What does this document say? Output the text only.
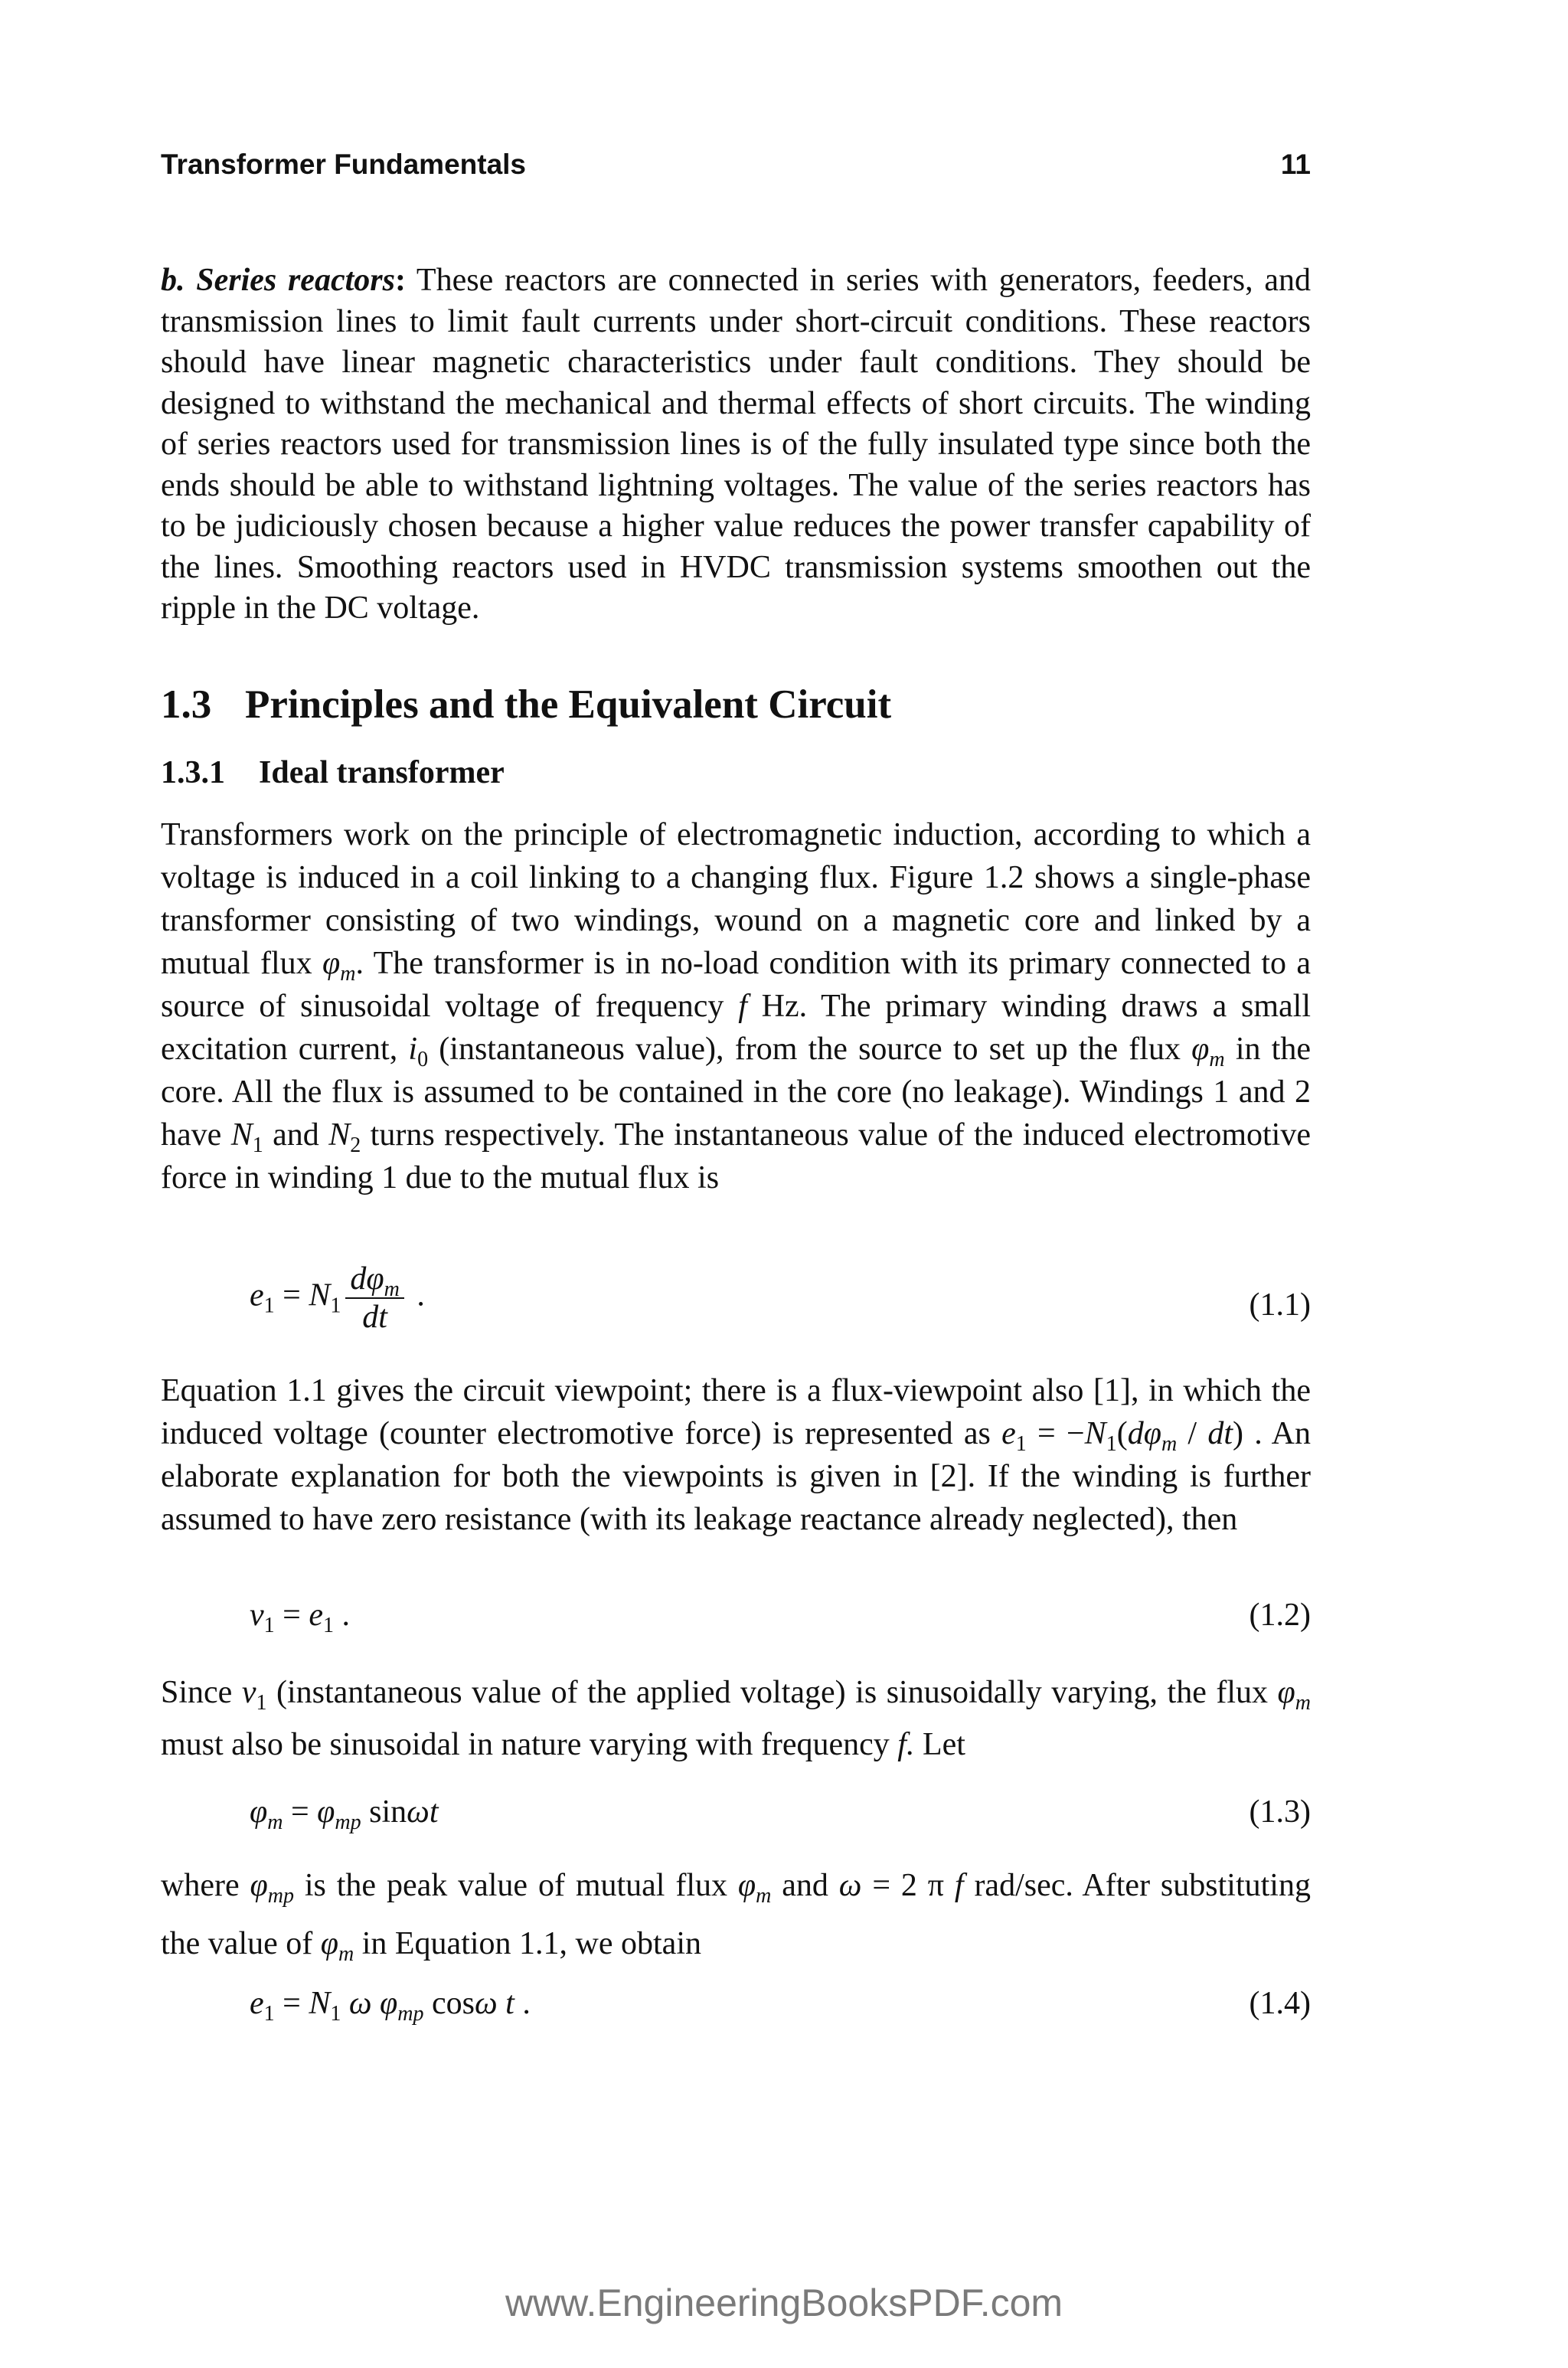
Transformer Fundamentals	11
b. Series reactors: These reactors are connected in series with generators, feeders, and transmission lines to limit fault currents under short-circuit conditions. These reactors should have linear magnetic characteristics under fault conditions. They should be designed to withstand the mechanical and thermal effects of short circuits. The winding of series reactors used for transmission lines is of the fully insulated type since both the ends should be able to withstand lightning voltages. The value of the series reactors has to be judiciously chosen because a higher value reduces the power transfer capability of the lines. Smoothing reactors used in HVDC transmission systems smoothen out the ripple in the DC voltage.
1.3 Principles and the Equivalent Circuit
1.3.1 Ideal transformer
Transformers work on the principle of electromagnetic induction, according to which a voltage is induced in a coil linking to a changing flux. Figure 1.2 shows a single-phase transformer consisting of two windings, wound on a magnetic core and linked by a mutual flux $\varphi_m$. The transformer is in no-load condition with its primary connected to a source of sinusoidal voltage of frequency f Hz. The primary winding draws a small excitation current, $i_0$ (instantaneous value), from the source to set up the flux $\varphi_m$ in the core. All the flux is assumed to be contained in the core (no leakage). Windings 1 and 2 have $N_1$ and $N_2$ turns respectively. The instantaneous value of the induced electromotive force in winding 1 due to the mutual flux is
$e_1 = N_1 \frac{d\varphi_m}{dt}$ .	(1.1)
Equation 1.1 gives the circuit viewpoint; there is a flux-viewpoint also [1], in which the induced voltage (counter electromotive force) is represented as $e_1 = -N_1(d\varphi_m / dt)$ . An elaborate explanation for both the viewpoints is given in [2]. If the winding is further assumed to have zero resistance (with its leakage reactance already neglected), then
$v_1 = e_1$ .	(1.2)
Since $v_1$ (instantaneous value of the applied voltage) is sinusoidally varying, the flux $\varphi_m$ must also be sinusoidal in nature varying with frequency f. Let
$\varphi_m = \varphi_{mp}$ sinωt	(1.3)
where $\varphi_{mp}$ is the peak value of mutual flux $\varphi_m$ and ω = 2 π f rad/sec. After substituting the value of $\varphi_m$ in Equation 1.1, we obtain
$e_1 = N_1$ ω $\varphi_{mp}$ cosω t .	(1.4)
www.EngineeringBooksPDF.com
